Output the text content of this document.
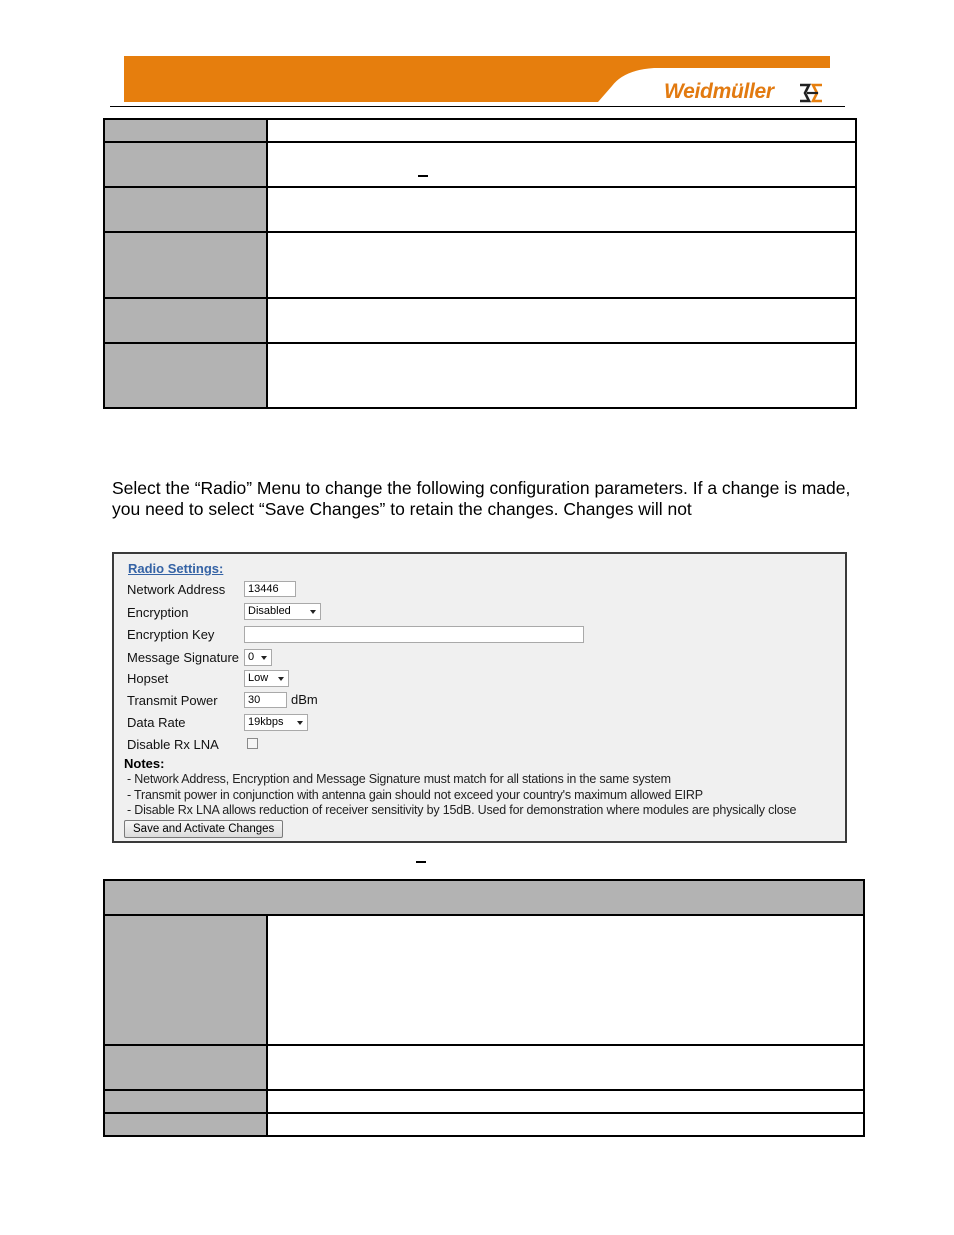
Weidmüller
Select the “Radio” Menu to change the following configuration parameters. If a change is made, you need to select “Save Changes” to retain the changes. Changes will not
Radio Settings:
Network Address	13446
Encryption	Disabled
Encryption Key
Message Signature 0
Hopset	Low
Transmit Power	30	dBm
Data Rate	19kbps
Disable Rx LNA
Notes:
- Network Address, Encryption and Message Signature must match for all stations in the same system
- Transmit power in conjunction with antenna gain should not exceed your country's maximum allowed EIRP
- Disable Rx LNA allows reduction of receiver sensitivity by 15dB. Used for demonstration where modules are physically close
Save and Activate Changes
